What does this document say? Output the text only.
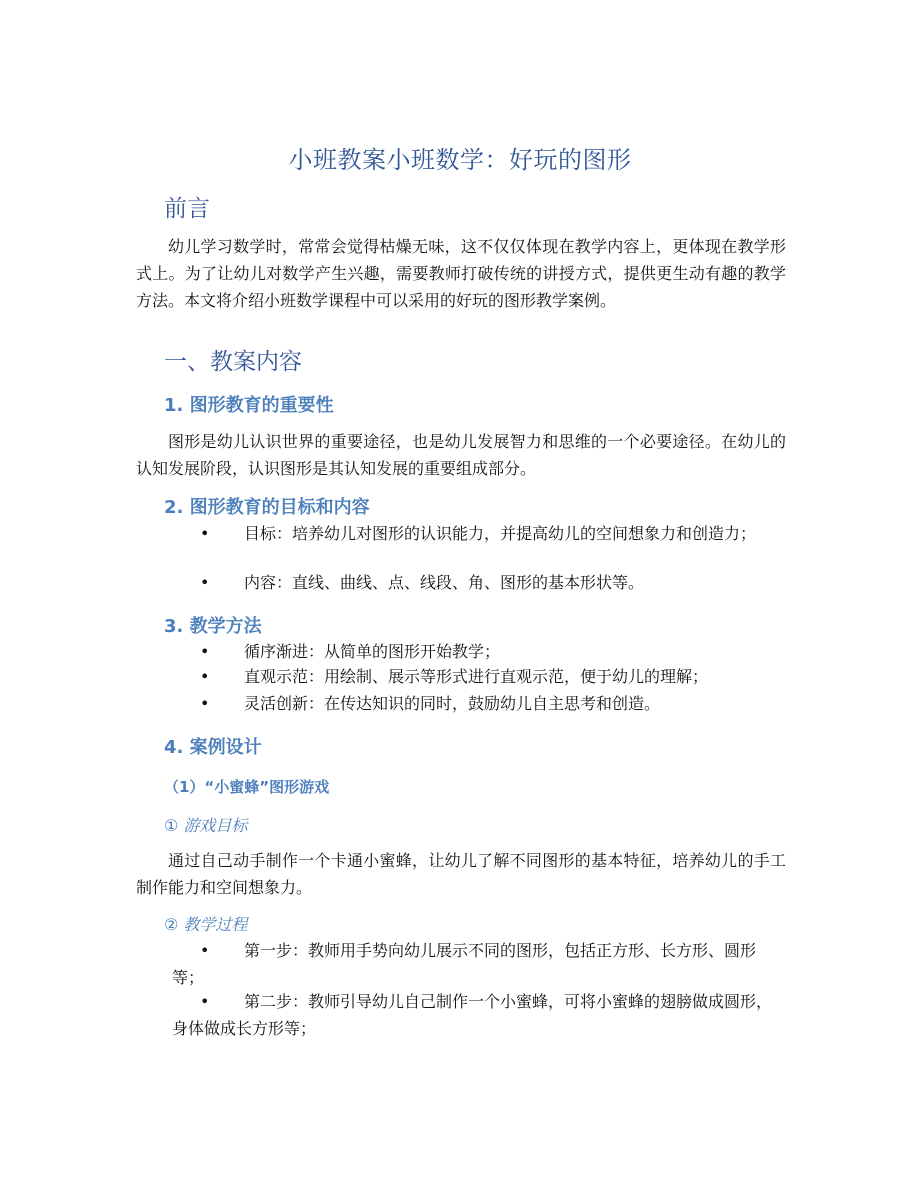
小班教案小班数学：好玩的图形
前言

幼儿学习数学时，常常会觉得枯燥无味，这不仅仅体现在教学内容上，更体现在教学形式上。为了让幼儿对数学产生兴趣，需要教师打破传统的讲授方式，提供更生动有趣的教学方法。本文将介绍小班数学课程中可以采用的好玩的图形教学案例。

一、教案内容
1. 图形教育的重要性

图形是幼儿认识世界的重要途径，也是幼儿发展智力和思维的一个必要途径。在幼儿的认知发展阶段，认识图形是其认知发展的重要组成部分。

2. 图形教育的目标和内容
•	目标：培养幼儿对图形的认识能力，并提高幼儿的空间想象力和创造力；
•	内容：直线、曲线、点、线段、角、图形的基本形状等。
3. 教学方法
•	循序渐进：从简单的图形开始教学；
•	直观示范：用绘制、展示等形式进行直观示范，便于幼儿的理解；
•	灵活创新：在传达知识的同时，鼓励幼儿自主思考和创造。
4. 案例设计
（1）“小蜜蜂”图形游戏
① 游戏目标

通过自己动手制作一个卡通小蜜蜂，让幼儿了解不同图形的基本特征，培养幼儿的手工制作能力和空间想象力。

② 教学过程
•	第一步：教师用手势向幼儿展示不同的图形，包括正方形、长方形、圆形等；
•	第二步：教师引导幼儿自己制作一个小蜜蜂，可将小蜜蜂的翅膀做成圆形，身体做成长方形等；
